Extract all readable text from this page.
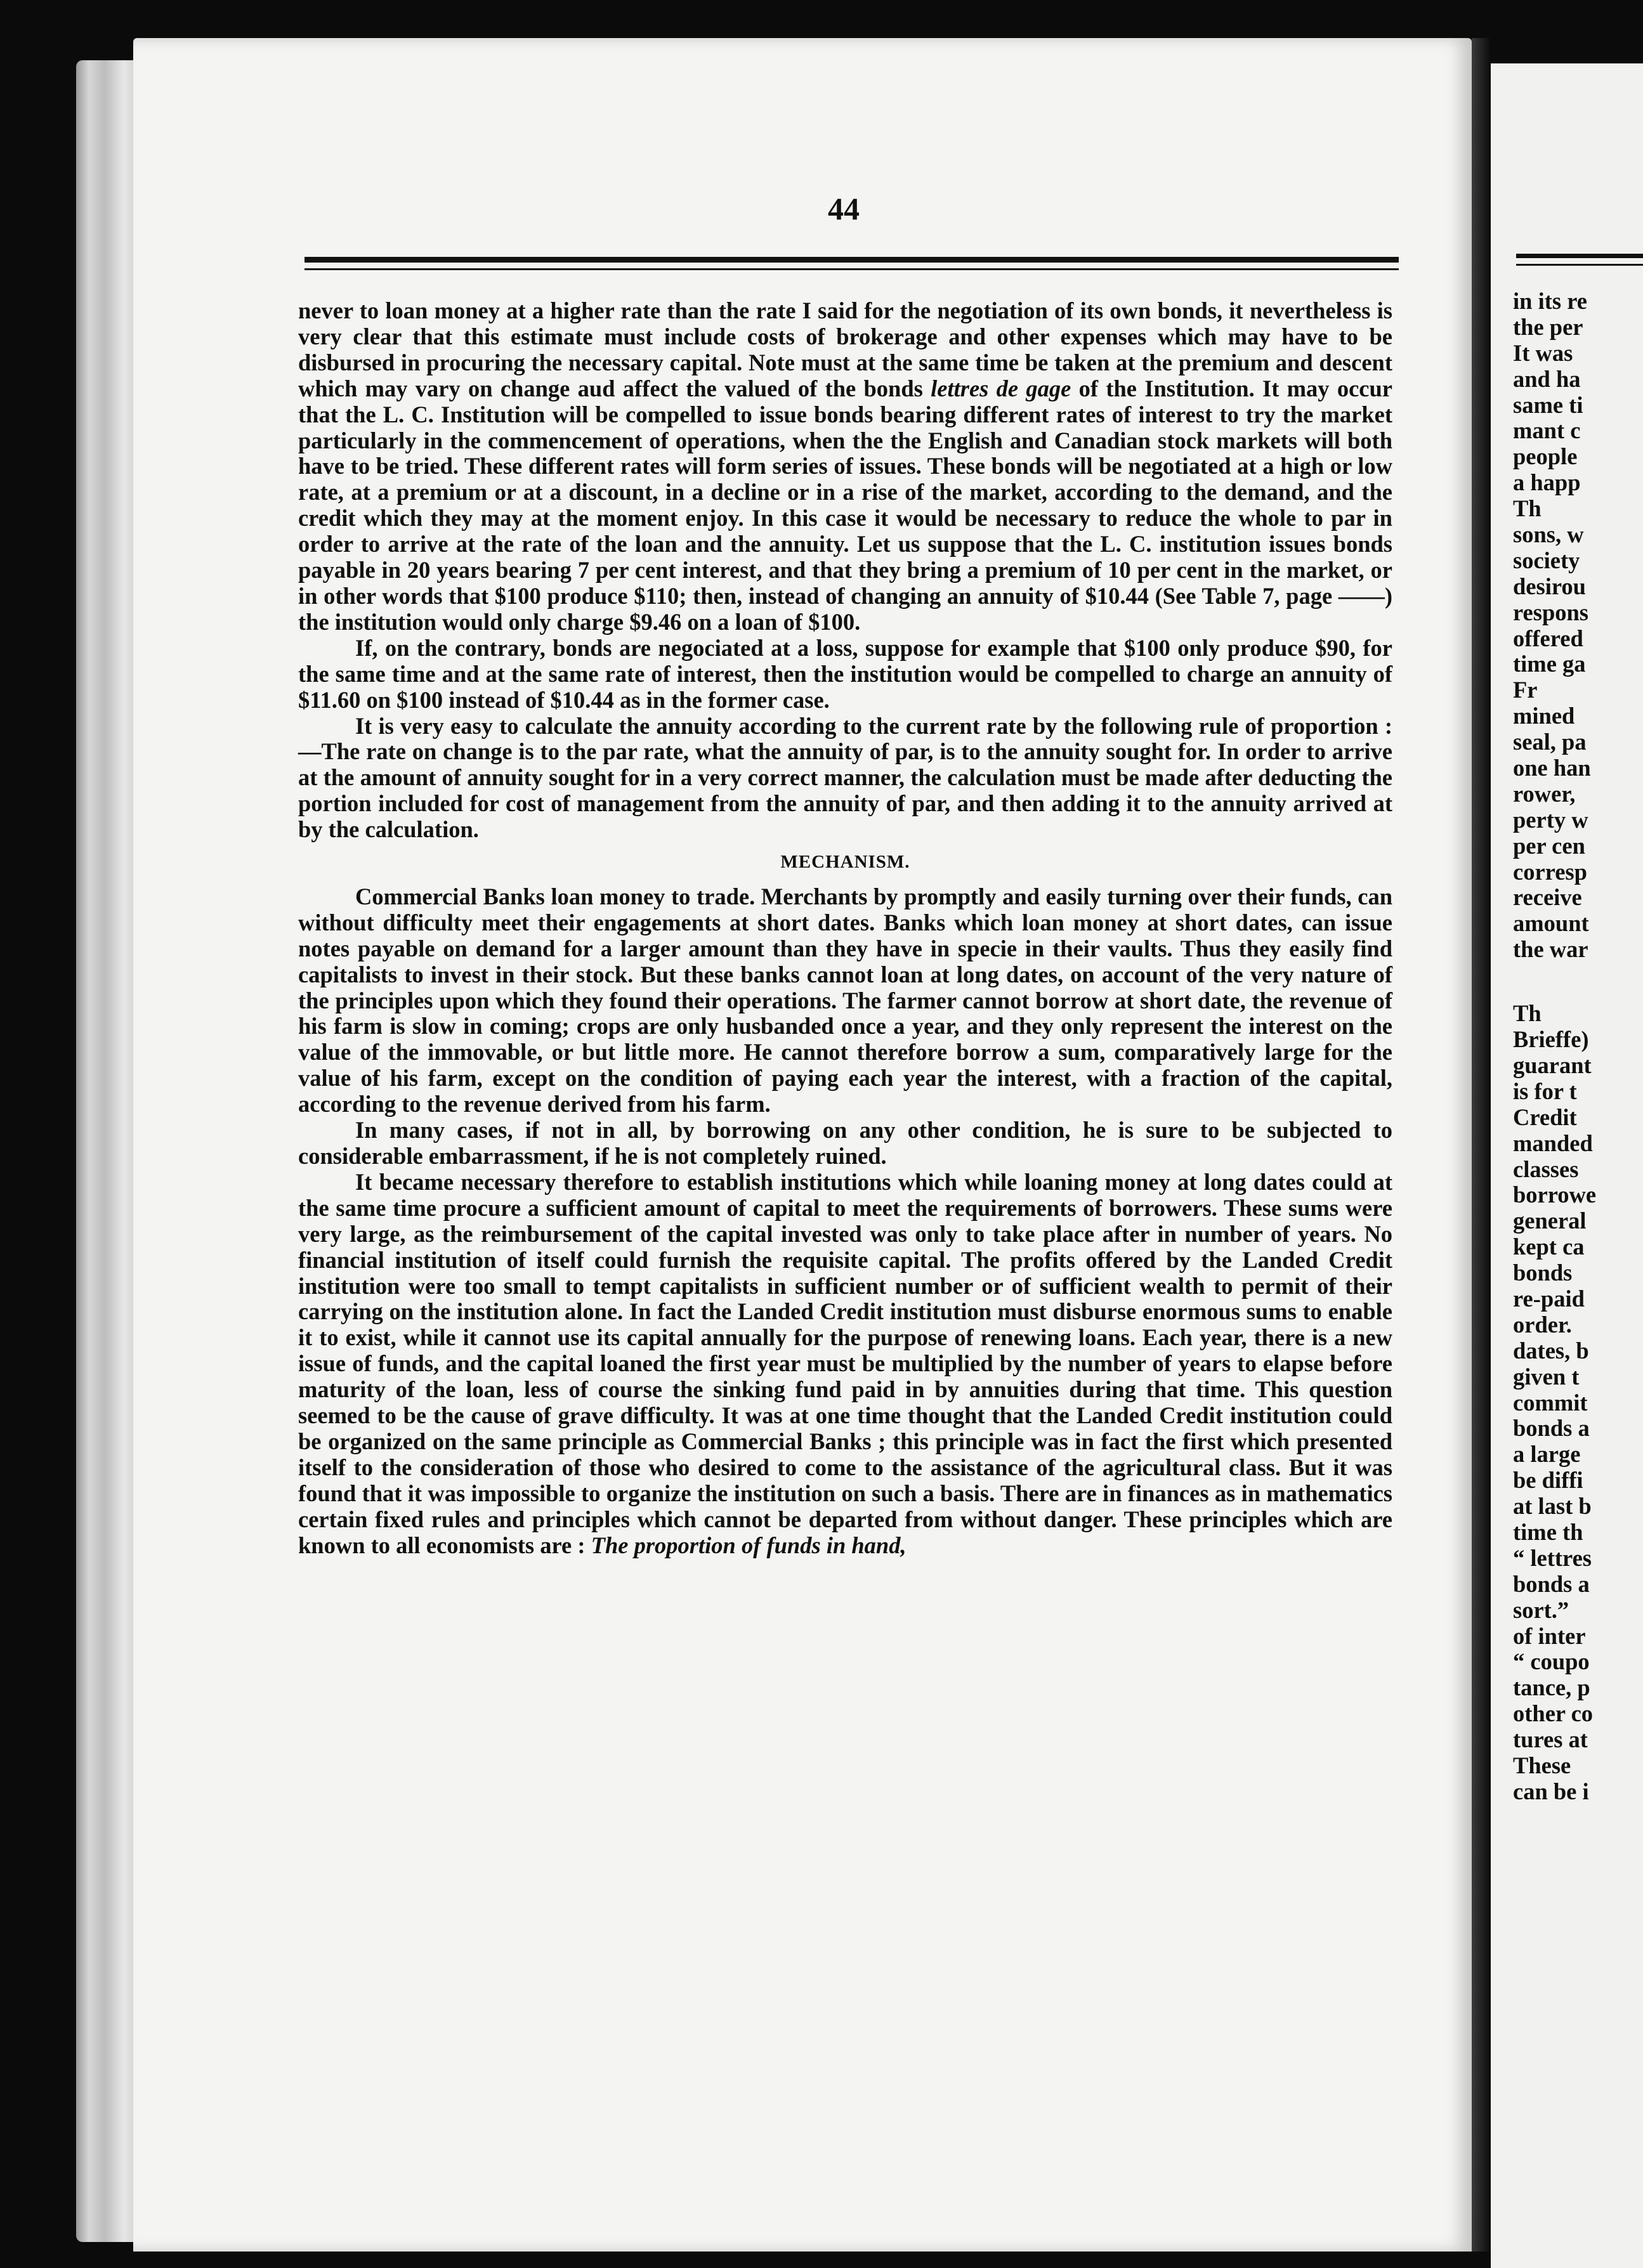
44

never to loan money at a higher rate than the rate I said for the negotiation of its own bonds, it nevertheless is very clear that this estimate must include costs of brokerage and other expenses which may have to be disbursed in procuring the necessary capital. Note must at the same time be taken at the premium and descent which may vary on change aud affect the valued of the bonds lettres de gage of the Institution. It may occur that the L. C. Institution will be compelled to issue bonds bearing different rates of interest to try the market particularly in the commencement of operations, when the the English and Canadian stock markets will both have to be tried. These different rates will form series of issues. These bonds will be negotiated at a high or low rate, at a premium or at a discount, in a decline or in a rise of the market, according to the demand, and the credit which they may at the moment enjoy. In this case it would be necessary to reduce the whole to par in order to arrive at the rate of the loan and the annuity. Let us suppose that the L. C. institution issues bonds payable in 20 years bearing 7 per cent interest, and that they bring a premium of 10 per cent in the market, or in other words that $100 produce $110; then, instead of changing an annuity of $10.44 (See Table 7, page ——) the institution would only charge $9.46 on a loan of $100.

If, on the contrary, bonds are negociated at a loss, suppose for example that $100 only produce $90, for the same time and at the same rate of interest, then the institution would be compelled to charge an annuity of $11.60 on $100 instead of $10.44 as in the former case.

It is very easy to calculate the annuity according to the current rate by the following rule of proportion :—The rate on change is to the par rate, what the annuity of par, is to the annuity sought for. In order to arrive at the amount of annuity sought for in a very correct manner, the calculation must be made after deducting the portion included for cost of management from the annuity of par, and then adding it to the annuity arrived at by the calculation.

MECHANISM.

Commercial Banks loan money to trade. Merchants by promptly and easily turning over their funds, can without difficulty meet their engagements at short dates. Banks which loan money at short dates, can issue notes payable on demand for a larger amount than they have in specie in their vaults. Thus they easily find capitalists to invest in their stock. But these banks cannot loan at long dates, on account of the very nature of the principles upon which they found their operations. The farmer cannot borrow at short date, the revenue of his farm is slow in coming; crops are only husbanded once a year, and they only represent the interest on the value of the immovable, or but little more. He cannot therefore borrow a sum, comparatively large for the value of his farm, except on the condition of paying each year the interest, with a fraction of the capital, according to the revenue derived from his farm.

In many cases, if not in all, by borrowing on any other condition, he is sure to be subjected to considerable embarrassment, if he is not completely ruined.

It became necessary therefore to establish institutions which while loaning money at long dates could at the same time procure a sufficient amount of capital to meet the requirements of borrowers. These sums were very large, as the reimbursement of the capital invested was only to take place after in number of years. No financial institution of itself could furnish the requisite capital. The profits offered by the Landed Credit institution were too small to tempt capitalists in sufficient number or of sufficient wealth to permit of their carrying on the institution alone. In fact the Landed Credit institution must disburse enormous sums to enable it to exist, while it cannot use its capital annually for the purpose of renewing loans. Each year, there is a new issue of funds, and the capital loaned the first year must be multiplied by the number of years to elapse before maturity of the loan, less of course the sinking fund paid in by annuities during that time. This question seemed to be the cause of grave difficulty. It was at one time thought that the Landed Credit institution could be organized on the same principle as Commercial Banks ; this principle was in fact the first which presented itself to the consideration of those who desired to come to the assistance of the agricultural class. But it was found that it was impossible to organize the institution on such a basis. There are in finances as in mathematics certain fixed rules and principles which cannot be departed from without danger. These principles which are known to all economists are : The proportion of funds in hand,

in its re
the per
It was
and ha
same ti
mant c
people
a happ
Th
sons, w
society
desirou
respons
offered
time ga
Fr
mined
seal, pa
one han
rower,
perty w
per cen
corresp
receive
amount
the war
Th
Brieffe)
guarant
is for t
Credit
manded
classes
borrowe
general
kept ca
bonds
re-paid
order.
dates, b
given t
commit
bonds a
a large
be diffi
at last b
time th
“ lettres
bonds a
sort.”
of inter
“ coupo
tance, p
other co
tures at
These
can be i
